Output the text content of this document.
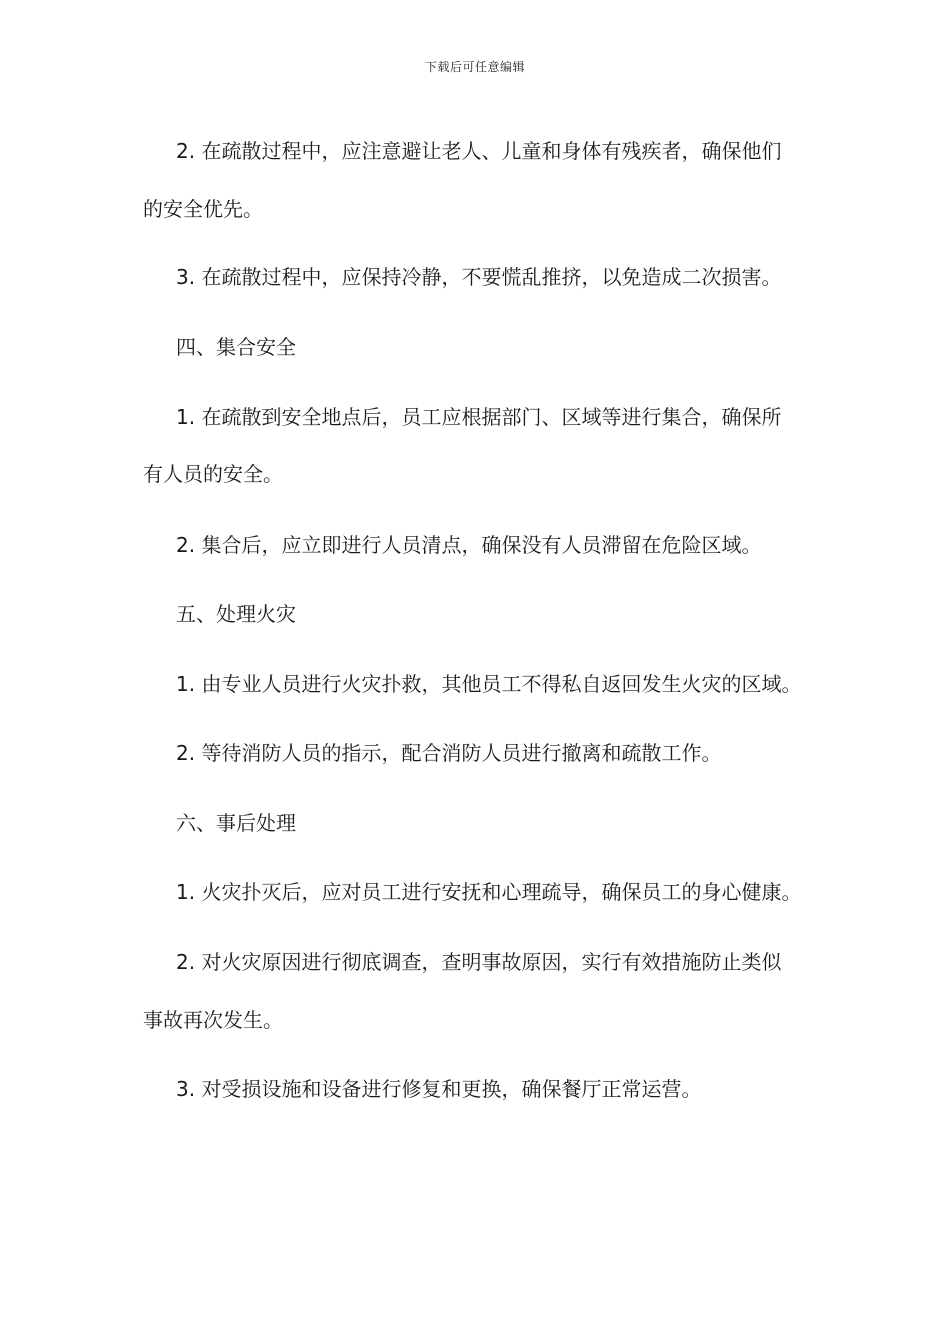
下载后可任意编辑
2. 在疏散过程中，应注意避让老人、儿童和身体有残疾者，确保他们
的安全优先。
3. 在疏散过程中，应保持冷静，不要慌乱推挤，以免造成二次损害。
四、集合安全
1. 在疏散到安全地点后，员工应根据部门、区域等进行集合，确保所
有人员的安全。
2. 集合后，应立即进行人员清点，确保没有人员滞留在危险区域。
五、处理火灾
1. 由专业人员进行火灾扑救，其他员工不得私自返回发生火灾的区域。
2. 等待消防人员的指示，配合消防人员进行撤离和疏散工作。
六、事后处理
1. 火灾扑灭后，应对员工进行安抚和心理疏导，确保员工的身心健康。
2. 对火灾原因进行彻底调查，查明事故原因，实行有效措施防止类似
事故再次发生。
3. 对受损设施和设备进行修复和更换，确保餐厅正常运营。
